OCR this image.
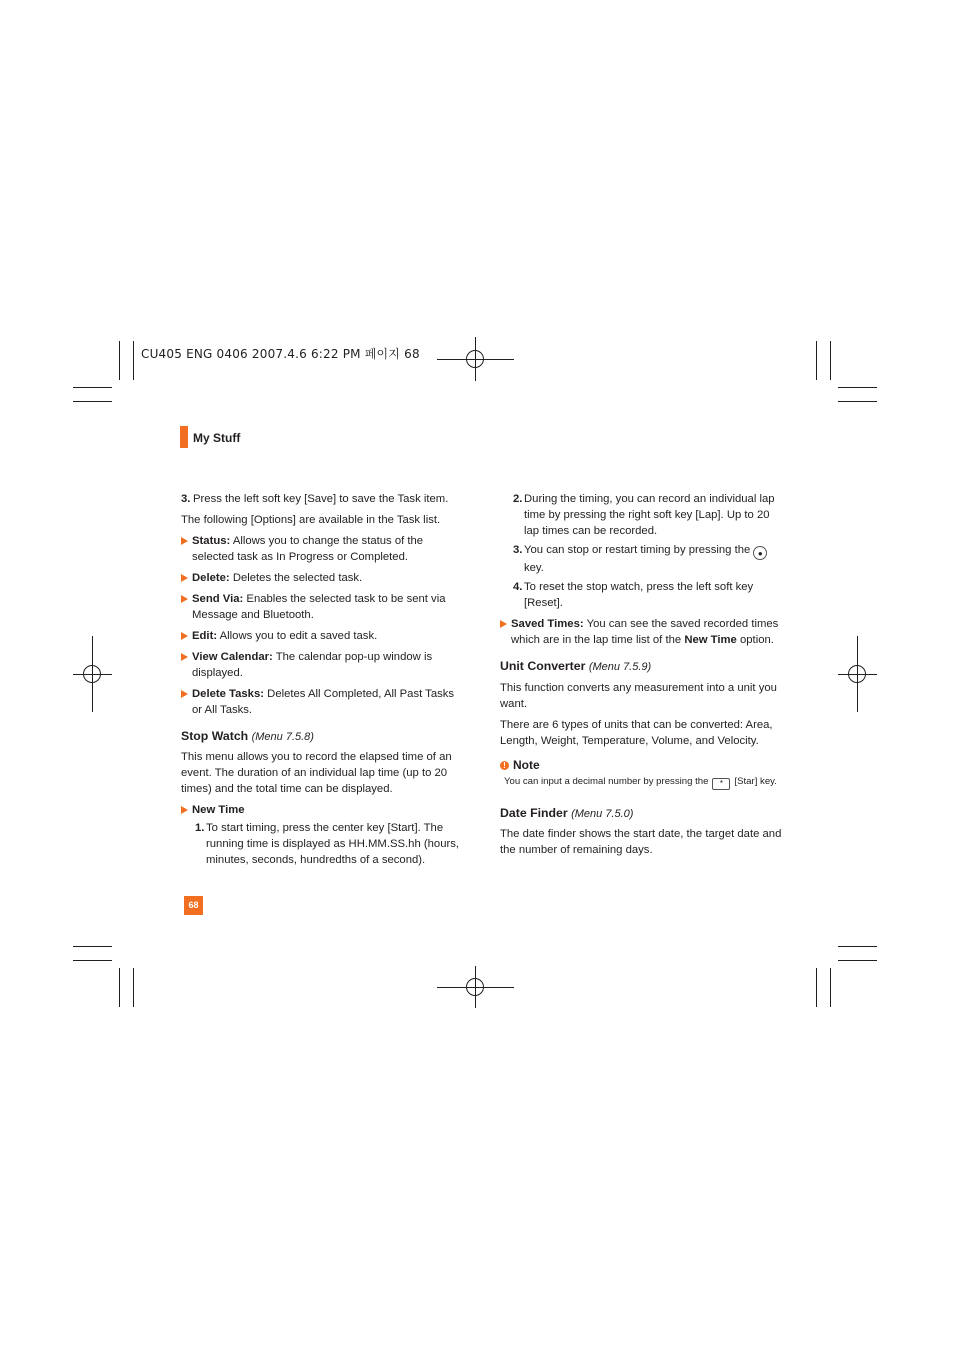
CU405 ENG 0406 2007.4.6 6:22 PM 페이지 68
My Stuff

3. Press the left soft key [Save] to save the Task item.

The following [Options] are available in the Task list.

Status: Allows you to change the status of the selected task as In Progress or Completed.

Delete: Deletes the selected task.

Send Via: Enables the selected task to be sent via Message and Bluetooth.

Edit: Allows you to edit a saved task.

View Calendar: The calendar pop-up window is displayed.

Delete Tasks: Deletes All Completed, All Past Tasks or All Tasks.

Stop Watch (Menu 7.5.8)

This menu allows you to record the elapsed time of an event. The duration of an individual lap time (up to 20 times) and the total time can be displayed.

New Time

1. To start timing, press the center key [Start]. The running time is displayed as HH.MM.SS.hh (hours, minutes, seconds, hundredths of a second).

2. During the timing, you can record an individual lap time by pressing the right soft key [Lap]. Up to 20 lap times can be recorded.

3. You can stop or restart timing by pressing the ●key.

4. To reset the stop watch, press the left soft key [Reset].

Saved Times: You can see the saved recorded times which are in the lap time list of the New Time option.

Unit Converter (Menu 7.5.9)

This function converts any measurement into a unit you want.

There are 6 types of units that can be converted: Area, Length, Weight, Temperature, Volume, and Velocity.

! Note

You can input a decimal number by pressing the * [Star] key.

Date Finder (Menu 7.5.0)

The date finder shows the start date, the target date and the number of remaining days.

68
